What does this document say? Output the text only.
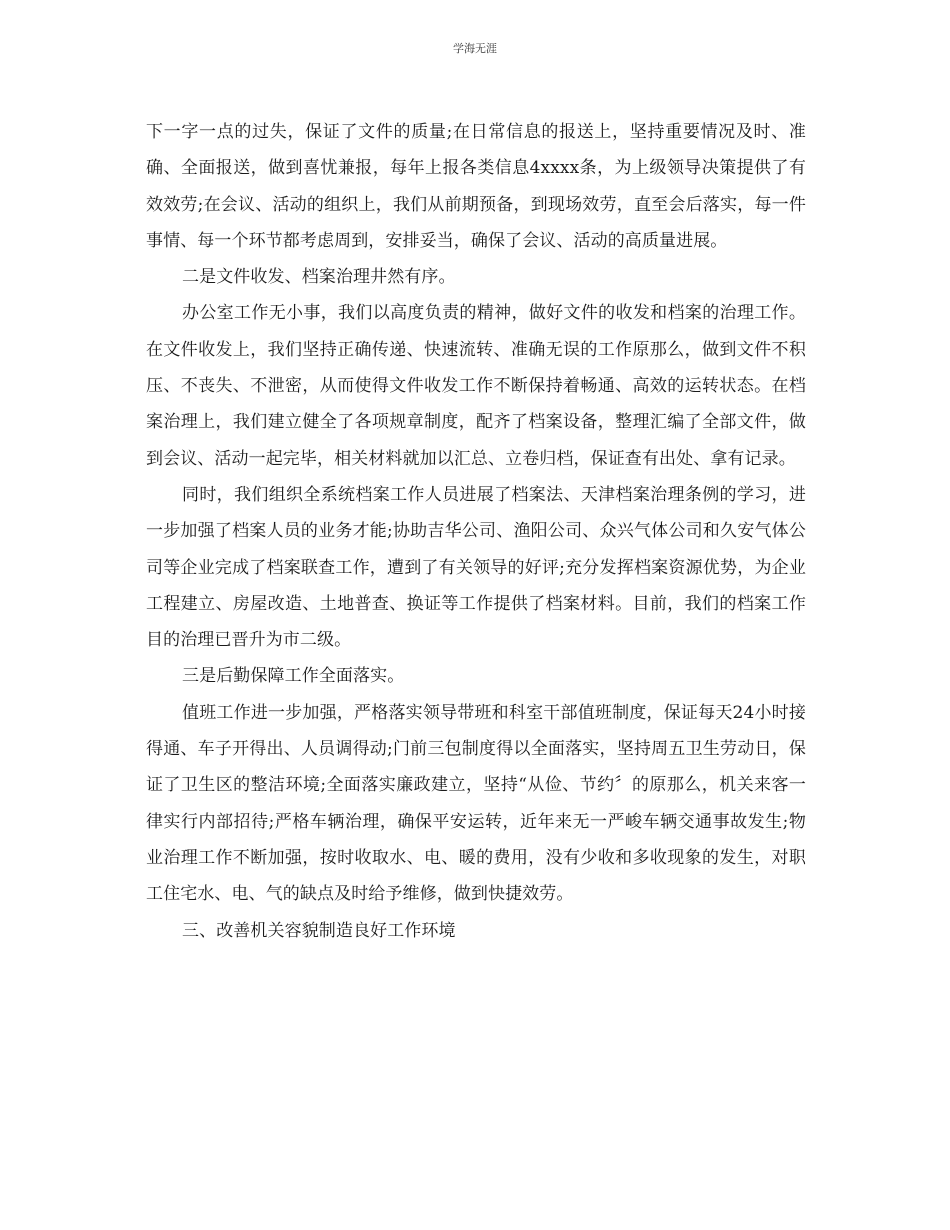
学海无涯

下一字一点的过失，保证了文件的质量;在日常信息的报送上，坚持重要情况及时、准确、全面报送，做到喜忧兼报，每年上报各类信息4xxxx条，为上级领导决策提供了有效效劳;在会议、活动的组织上，我们从前期预备，到现场效劳，直至会后落实，每一件事情、每一个环节都考虑周到，安排妥当，确保了会议、活动的高质量进展。

二是文件收发、档案治理井然有序。

办公室工作无小事，我们以高度负责的精神，做好文件的收发和档案的治理工作。在文件收发上，我们坚持正确传递、快速流转、准确无误的工作原那么，做到文件不积压、不丧失、不泄密，从而使得文件收发工作不断保持着畅通、高效的运转状态。在档案治理上，我们建立健全了各项规章制度，配齐了档案设备，整理汇编了全部文件，做到会议、活动一起完毕，相关材料就加以汇总、立卷归档，保证查有出处、拿有记录。

同时，我们组织全系统档案工作人员进展了档案法、天津档案治理条例的学习，进一步加强了档案人员的业务才能;协助吉华公司、渔阳公司、众兴气体公司和久安气体公司等企业完成了档案联查工作，遭到了有关领导的好评;充分发挥档案资源优势，为企业工程建立、房屋改造、土地普查、换证等工作提供了档案材料。目前，我们的档案工作目的治理已晋升为市二级。

三是后勤保障工作全面落实。

值班工作进一步加强，严格落实领导带班和科室干部值班制度，保证每天24小时接得通、车子开得出、人员调得动;门前三包制度得以全面落实，坚持周五卫生劳动日，保证了卫生区的整洁环境;全面落实廉政建立，坚持“从俭、节约〞的原那么，机关来客一律实行内部招待;严格车辆治理，确保平安运转，近年来无一严峻车辆交通事故发生;物业治理工作不断加强，按时收取水、电、暖的费用，没有少收和多收现象的发生，对职工住宅水、电、气的缺点及时给予维修，做到快捷效劳。

三、改善机关容貌制造良好工作环境
